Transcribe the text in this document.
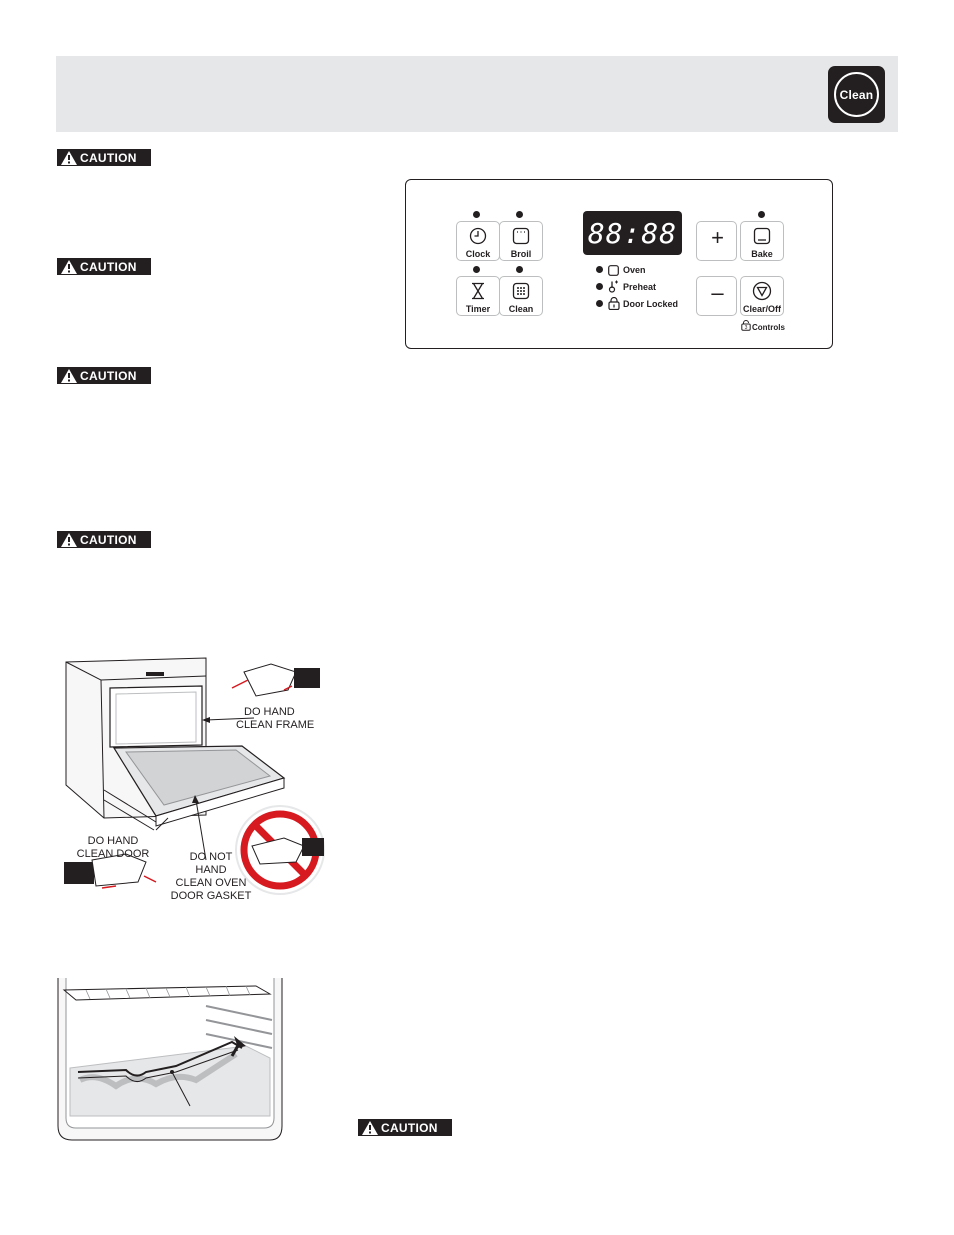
Clean
CAUTION
CAUTION
CAUTION
CAUTION
CAUTION
Clock	Broil
Timer	Clean
88:88
Oven
Preheat
Door Locked
+
–
Bake
Clear/Off
3 Controls
DO HAND
CLEAN FRAME
DO HAND
CLEAN DOOR	DO NOT
HAND
CLEAN OVEN
DOOR GASKET
